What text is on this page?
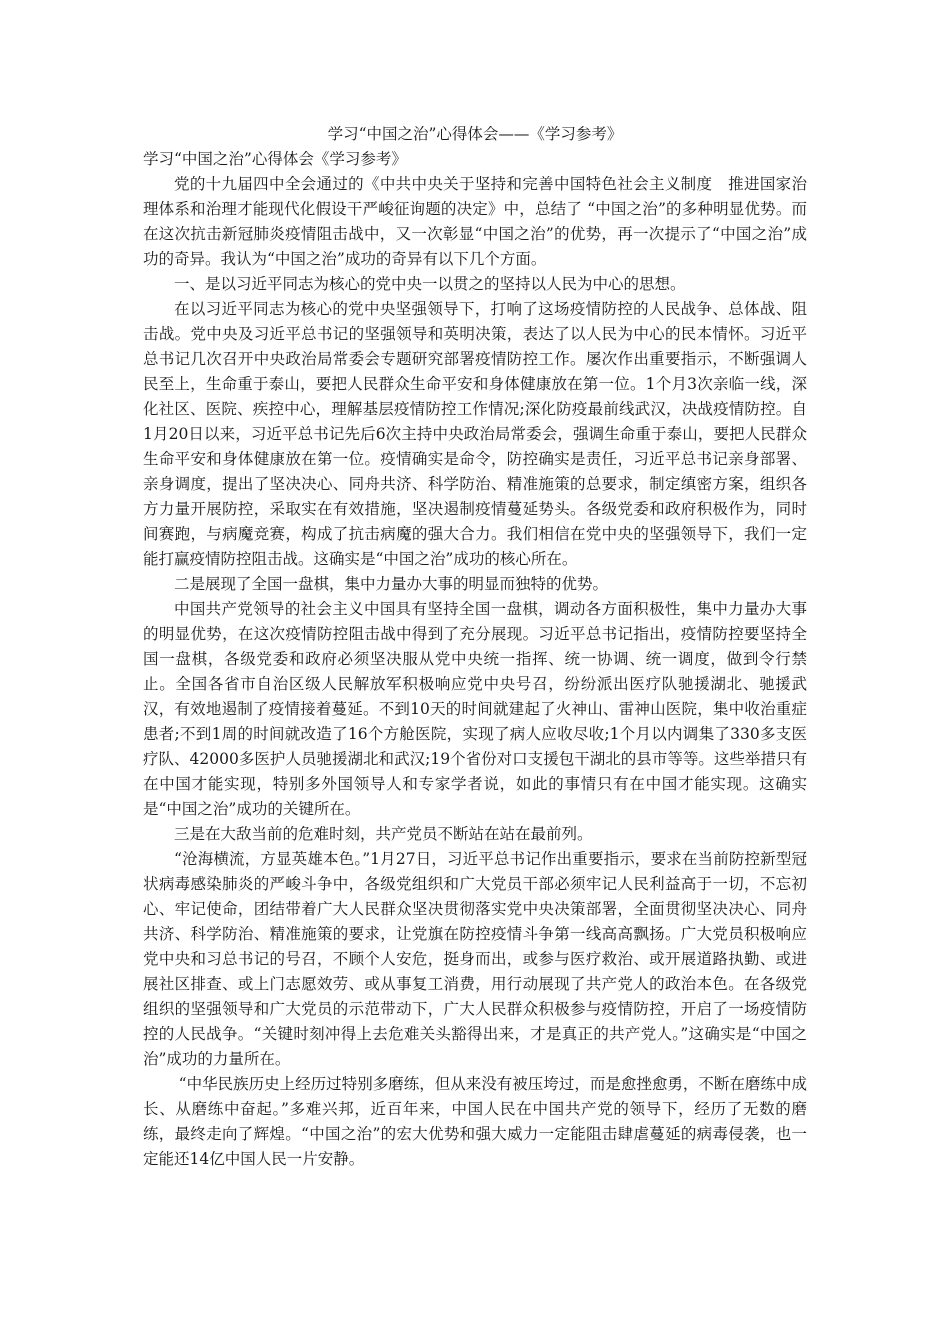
学习“中国之治”心得体会——《学习参考》

学习“中国之治”心得体会《学习参考》

党的十九届四中全会通过的《中共中央关于坚持和完善中国特色社会主义制度　推进国家治理体系和治理才能现代化假设干严峻征询题的决定》中，总结了 “中国之治”的多种明显优势。而在这次抗击新冠肺炎疫情阻击战中，又一次彰显“中国之治”的优势，再一次提示了“中国之治”成功的奇异。我认为“中国之治”成功的奇异有以下几个方面。

一、是以习近平同志为核心的党中央一以贯之的坚持以人民为中心的思想。

在以习近平同志为核心的党中央坚强领导下，打响了这场疫情防控的人民战争、总体战、阻击战。党中央及习近平总书记的坚强领导和英明决策，表达了以人民为中心的民本情怀。习近平总书记几次召开中央政治局常委会专题研究部署疫情防控工作。屡次作出重要指示，不断强调人民至上，生命重于泰山，要把人民群众生命平安和身体健康放在第一位。1个月3次亲临一线，深化社区、医院、疾控中心，理解基层疫情防控工作情况;深化防疫最前线武汉，决战疫情防控。自1月20日以来，习近平总书记先后6次主持中央政治局常委会，强调生命重于泰山，要把人民群众生命平安和身体健康放在第一位。疫情确实是命令，防控确实是责任，习近平总书记亲身部署、亲身调度，提出了坚决决心、同舟共济、科学防治、精准施策的总要求，制定缜密方案，组织各方力量开展防控，采取实在有效措施，坚决遏制疫情蔓延势头。各级党委和政府积极作为，同时间赛跑，与病魔竞赛，构成了抗击病魔的强大合力。我们相信在党中央的坚强领导下，我们一定能打赢疫情防控阻击战。这确实是“中国之治”成功的核心所在。

二是展现了全国一盘棋，集中力量办大事的明显而独特的优势。

中国共产党领导的社会主义中国具有坚持全国一盘棋，调动各方面积极性，集中力量办大事的明显优势，在这次疫情防控阻击战中得到了充分展现。习近平总书记指出，疫情防控要坚持全国一盘棋，各级党委和政府必须坚决服从党中央统一指挥、统一协调、统一调度，做到令行禁止。全国各省市自治区级人民解放军积极响应党中央号召，纷纷派出医疗队驰援湖北、驰援武汉，有效地遏制了疫情接着蔓延。不到10天的时间就建起了火神山、雷神山医院，集中收治重症患者;不到1周的时间就改造了16个方舱医院，实现了病人应收尽收;1个月以内调集了330多支医疗队、42000多医护人员驰援湖北和武汉;19个省份对口支援包干湖北的县市等等。这些举措只有在中国才能实现，特别多外国领导人和专家学者说，如此的事情只有在中国才能实现。这确实是“中国之治”成功的关键所在。

三是在大敌当前的危难时刻，共产党员不断站在站在最前列。

“沧海横流，方显英雄本色。”1月27日，习近平总书记作出重要指示，要求在当前防控新型冠状病毒感染肺炎的严峻斗争中，各级党组织和广大党员干部必须牢记人民利益高于一切，不忘初心、牢记使命，团结带着广大人民群众坚决贯彻落实党中央决策部署，全面贯彻坚决决心、同舟共济、科学防治、精准施策的要求，让党旗在防控疫情斗争第一线高高飘扬。广大党员积极响应党中央和习总书记的号召，不顾个人安危，挺身而出，或参与医疗救治、或开展道路执勤、或进展社区排查、或上门志愿效劳、或从事复工消费，用行动展现了共产党人的政治本色。在各级党组织的坚强领导和广大党员的示范带动下，广大人民群众积极参与疫情防控，开启了一场疫情防控的人民战争。“关键时刻冲得上去危难关头豁得出来，才是真正的共产党人。”这确实是“中国之治”成功的力量所在。

“中华民族历史上经历过特别多磨练，但从来没有被压垮过，而是愈挫愈勇，不断在磨练中成长、从磨练中奋起。”多难兴邦，近百年来，中国人民在中国共产党的领导下，经历了无数的磨练，最终走向了辉煌。“中国之治”的宏大优势和强大威力一定能阻击肆虐蔓延的病毒侵袭，也一定能还14亿中国人民一片安静。
